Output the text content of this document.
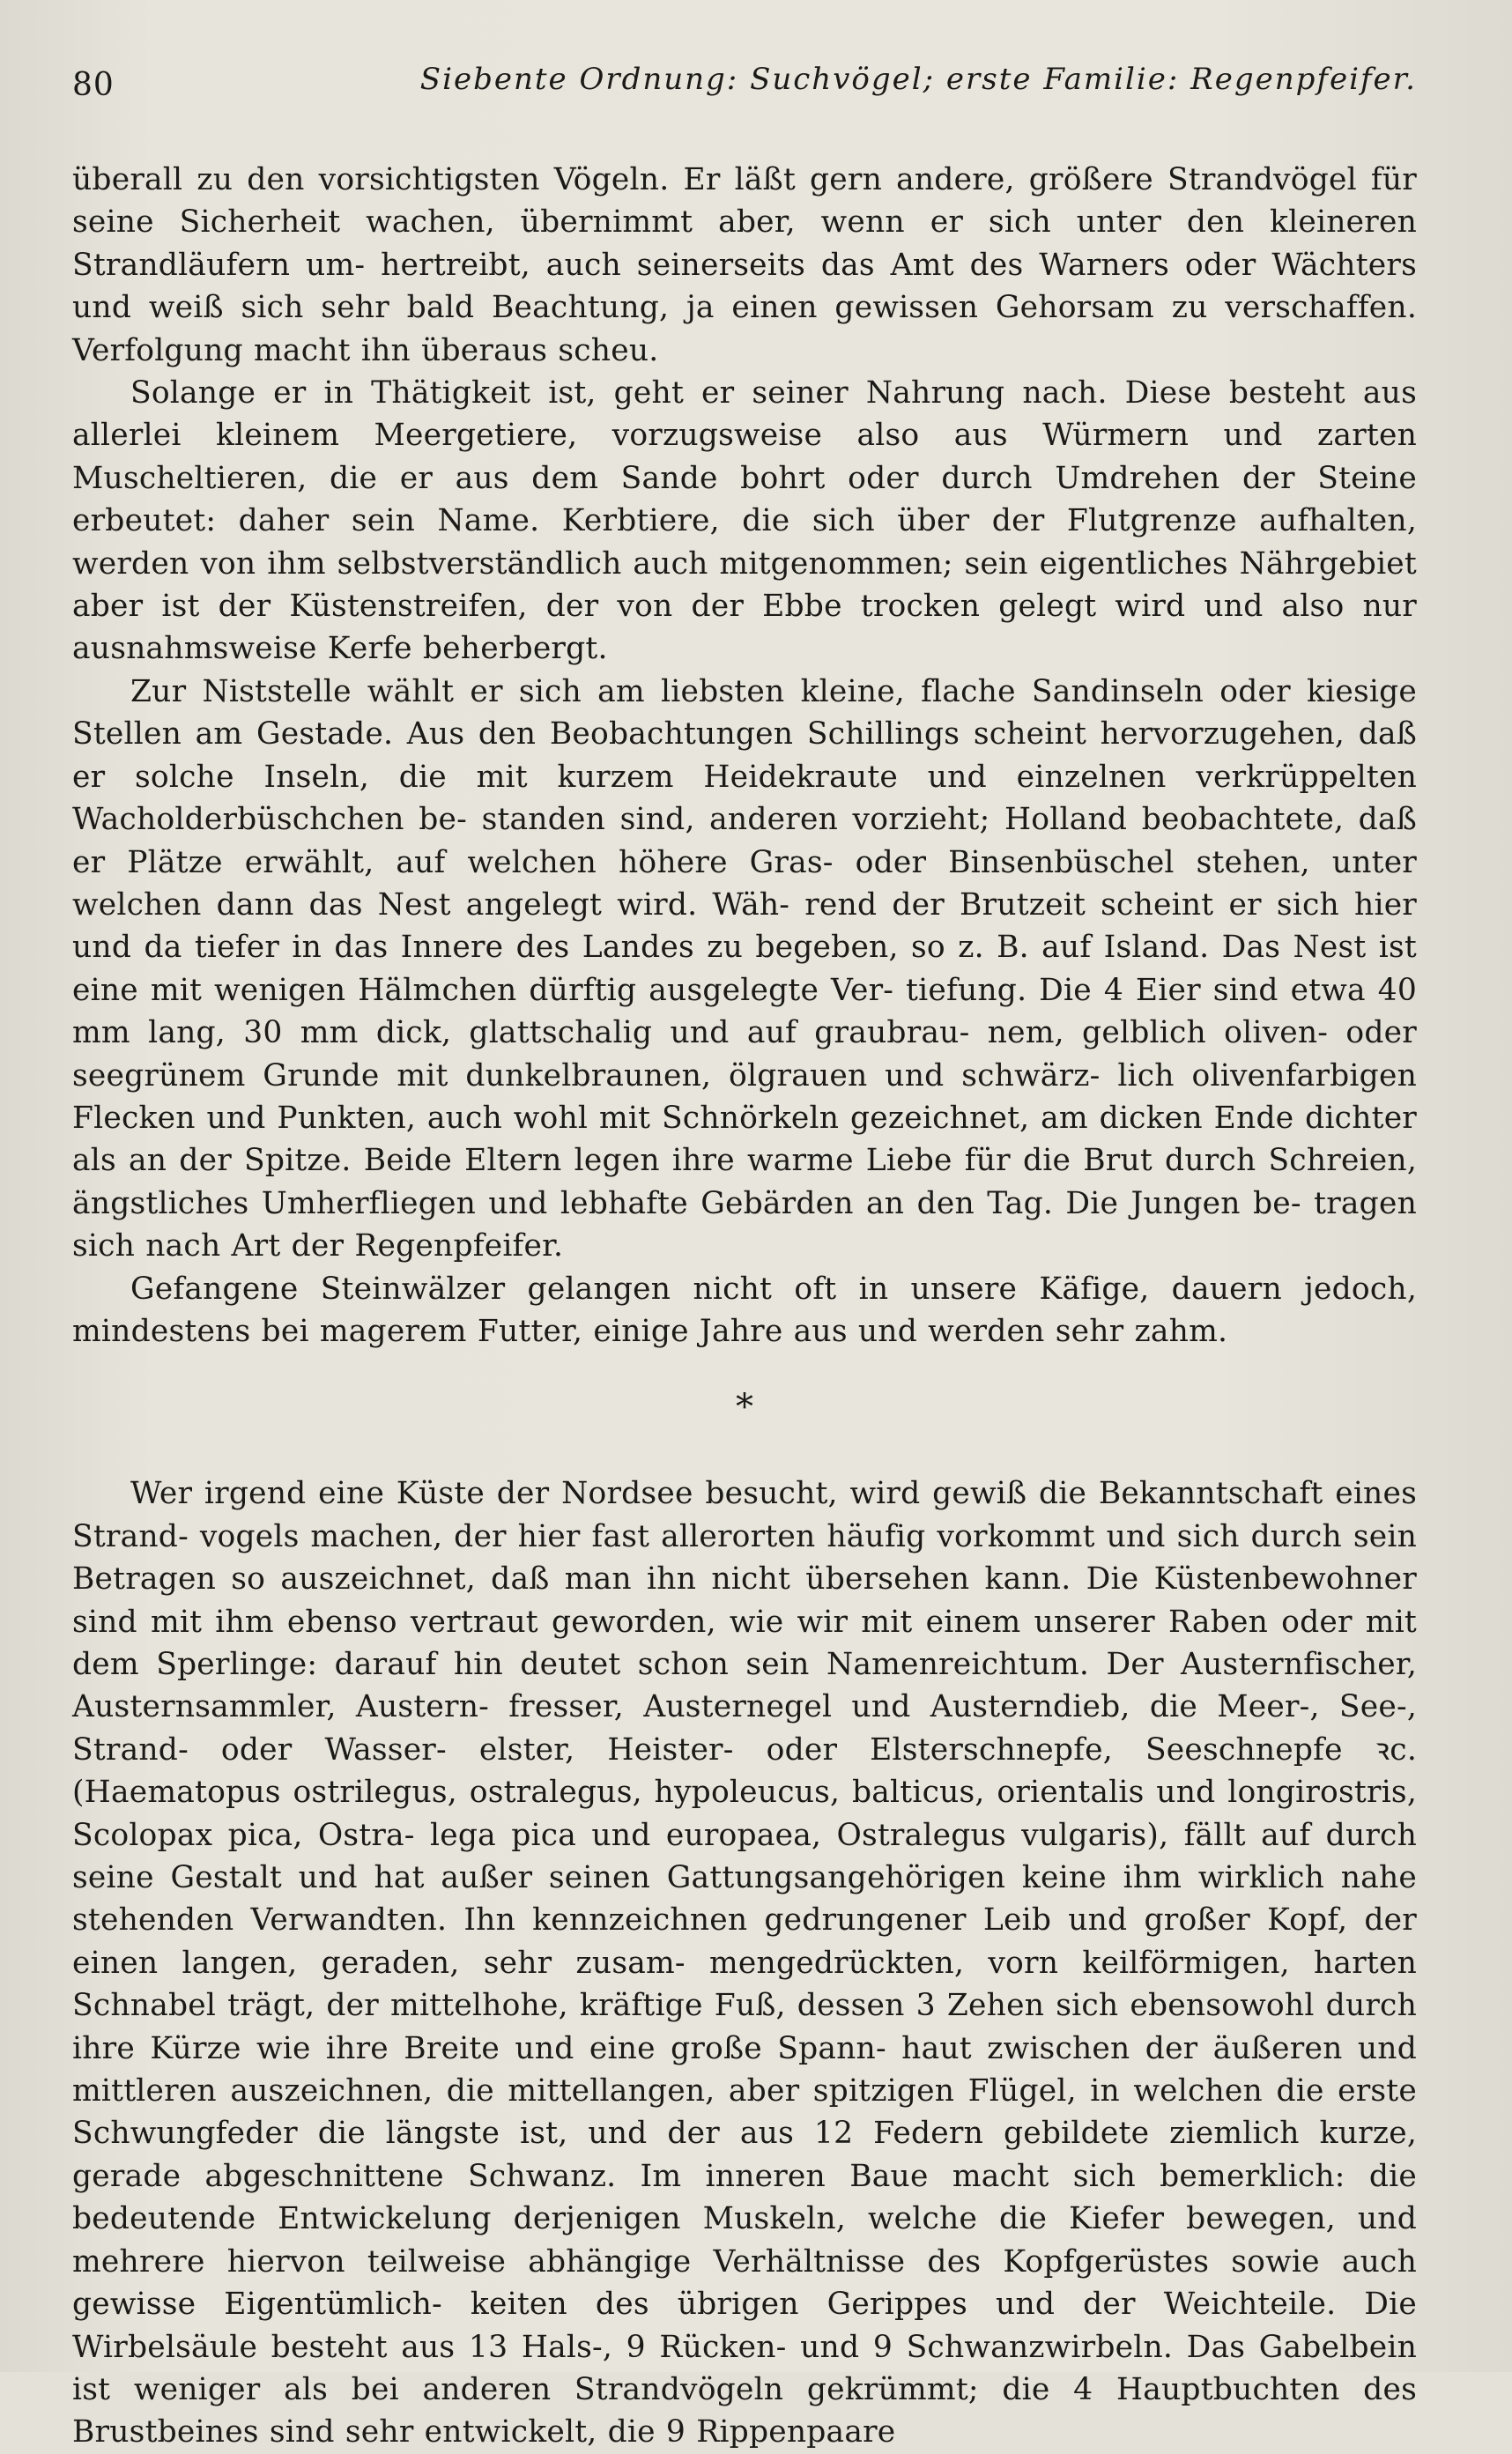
80	Siebente Ordnung: Suchvögel; erste Familie: Regenpfeifer.

überall zu den vorsichtigsten Vögeln. Er läßt gern andere, größere Strandvögel für seine Sicherheit wachen, übernimmt aber, wenn er sich unter den kleineren Strandläufern um- hertreibt, auch seinerseits das Amt des Warners oder Wächters und weiß sich sehr bald Beachtung, ja einen gewissen Gehorsam zu verschaffen. Verfolgung macht ihn überaus scheu.

Solange er in Thätigkeit ist, geht er seiner Nahrung nach. Diese besteht aus allerlei kleinem Meergetiere, vorzugsweise also aus Würmern und zarten Muscheltieren, die er aus dem Sande bohrt oder durch Umdrehen der Steine erbeutet: daher sein Name. Kerbtiere, die sich über der Flutgrenze aufhalten, werden von ihm selbstverständlich auch mitgenommen; sein eigentliches Nährgebiet aber ist der Küstenstreifen, der von der Ebbe trocken gelegt wird und also nur ausnahmsweise Kerfe beherbergt.

Zur Niststelle wählt er sich am liebsten kleine, flache Sandinseln oder kiesige Stellen am Gestade. Aus den Beobachtungen Schillings scheint hervorzugehen, daß er solche Inseln, die mit kurzem Heidekraute und einzelnen verkrüppelten Wacholderbüschchen be- standen sind, anderen vorzieht; Holland beobachtete, daß er Plätze erwählt, auf welchen höhere Gras- oder Binsenbüschel stehen, unter welchen dann das Nest angelegt wird. Wäh- rend der Brutzeit scheint er sich hier und da tiefer in das Innere des Landes zu begeben, so z. B. auf Island. Das Nest ist eine mit wenigen Hälmchen dürftig ausgelegte Ver- tiefung. Die 4 Eier sind etwa 40 mm lang, 30 mm dick, glattschalig und auf graubrau- nem, gelblich oliven- oder seegrünem Grunde mit dunkelbraunen, ölgrauen und schwärz- lich olivenfarbigen Flecken und Punkten, auch wohl mit Schnörkeln gezeichnet, am dicken Ende dichter als an der Spitze. Beide Eltern legen ihre warme Liebe für die Brut durch Schreien, ängstliches Umherfliegen und lebhafte Gebärden an den Tag. Die Jungen be- tragen sich nach Art der Regenpfeifer.

Gefangene Steinwälzer gelangen nicht oft in unsere Käfige, dauern jedoch, mindestens bei magerem Futter, einige Jahre aus und werden sehr zahm.

*

Wer irgend eine Küste der Nordsee besucht, wird gewiß die Bekanntschaft eines Strand- vogels machen, der hier fast allerorten häufig vorkommt und sich durch sein Betragen so auszeichnet, daß man ihn nicht übersehen kann. Die Küstenbewohner sind mit ihm ebenso vertraut geworden, wie wir mit einem unserer Raben oder mit dem Sperlinge: darauf hin deutet schon sein Namenreichtum. Der Austernfischer, Austernsammler, Austern- fresser, Austernegel und Austerndieb, die Meer-, See-, Strand- oder Wasser- elster, Heister- oder Elsterschnepfe, Seeschnepfe ꝛc. (Haematopus ostrilegus, ostralegus, hypoleucus, balticus, orientalis und longirostris, Scolopax pica, Ostra- lega pica und europaea, Ostralegus vulgaris), fällt auf durch seine Gestalt und hat außer seinen Gattungsangehörigen keine ihm wirklich nahe stehenden Verwandten. Ihn kennzeichnen gedrungener Leib und großer Kopf, der einen langen, geraden, sehr zusam- mengedrückten, vorn keilförmigen, harten Schnabel trägt, der mittelhohe, kräftige Fuß, dessen 3 Zehen sich ebensowohl durch ihre Kürze wie ihre Breite und eine große Spann- haut zwischen der äußeren und mittleren auszeichnen, die mittellangen, aber spitzigen Flügel, in welchen die erste Schwungfeder die längste ist, und der aus 12 Federn gebildete ziemlich kurze, gerade abgeschnittene Schwanz. Im inneren Baue macht sich bemerklich: die bedeutende Entwickelung derjenigen Muskeln, welche die Kiefer bewegen, und mehrere hiervon teilweise abhängige Verhältnisse des Kopfgerüstes sowie auch gewisse Eigentümlich- keiten des übrigen Gerippes und der Weichteile. Die Wirbelsäule besteht aus 13 Hals-, 9 Rücken- und 9 Schwanzwirbeln. Das Gabelbein ist weniger als bei anderen Strandvögeln gekrümmt; die 4 Hauptbuchten des Brustbeines sind sehr entwickelt, die 9 Rippenpaare
